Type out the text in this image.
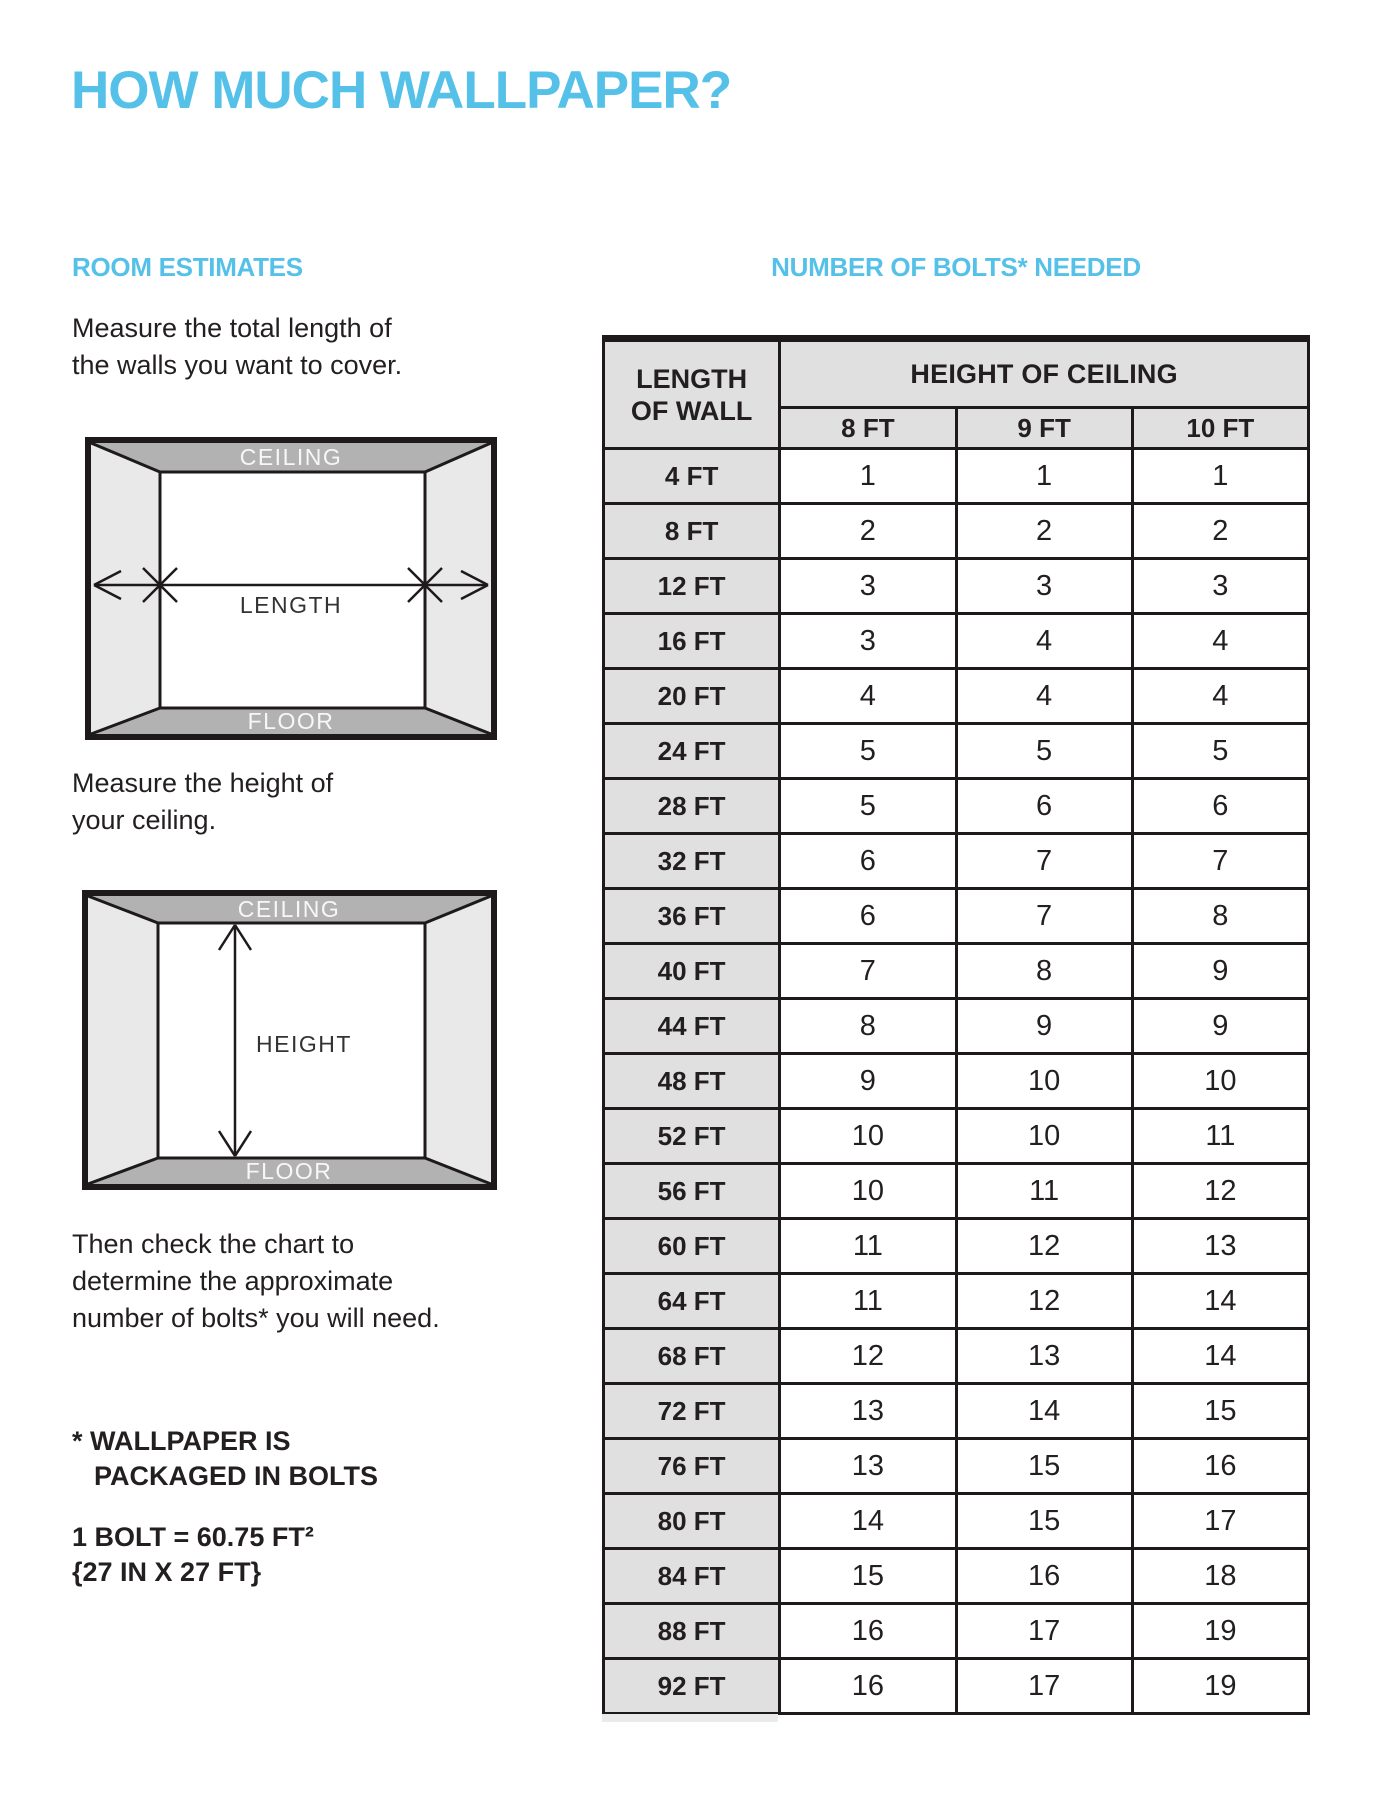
HOW MUCH WALLPAPER?
ROOM ESTIMATES	NUMBER OF BOLTS* NEEDED

Measure the total length of
the walls you want to cover.

CEILING
FLOOR
LENGTH

Measure the height of
your ceiling.

CEILING
FLOOR
HEIGHT

Then check the chart to
determine the approximate
number of bolts* you will need.

* WALLPAPER IS
PACKAGED IN BOLTS

1 BOLT = 60.75 FT²
{27 IN X 27 FT}

LENGTH
OF WALL	HEIGHT OF CEILING		
	8 FT	9 FT	10 FT
4 FT	1	1	1
8 FT	2	2	2
12 FT	3	3	3
16 FT	3	4	4
20 FT	4	4	4
24 FT	5	5	5
28 FT	5	6	6
32 FT	6	7	7
36 FT	6	7	8
40 FT	7	8	9
44 FT	8	9	9
48 FT	9	10	10
52 FT	10	10	11
56 FT	10	11	12
60 FT	11	12	13
64 FT	11	12	14
68 FT	12	13	14
72 FT	13	14	15
76 FT	13	15	16
80 FT	14	15	17
84 FT	15	16	18
88 FT	16	17	19
92 FT	16	17	19
